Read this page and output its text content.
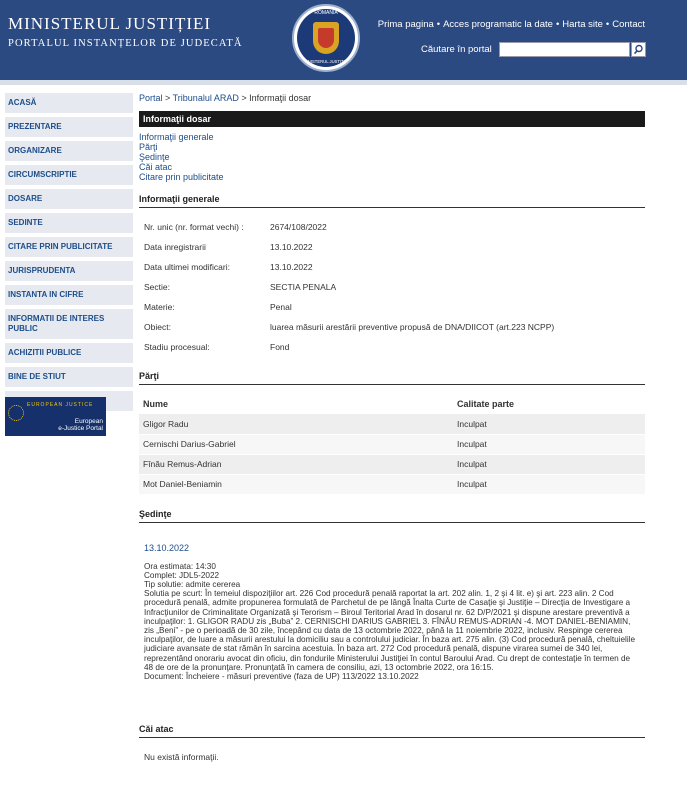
MINISTERUL JUSTIȚIEI
PORTALUL INSTANȚELOR DE JUDECATĂ
ROMANIA
MINISTERUL JUSTIȚIEI
Prima pagina • Acces programatic la date • Harta site • Contact
Căutare în portal
ACASĂ
PREZENTARE
ORGANIZARE
CIRCUMSCRIPTIE
DOSARE
SEDINTE
CITARE PRIN PUBLICITATE
JURISPRUDENTA
INSTANTA IN CIFRE
INFORMATII DE INTERES PUBLIC
ACHIZITII PUBLICE
BINE DE STIUT
EUROPEAN JUSTICE
European
e-Justice Portal
Portal > Tribunalul ARAD > Informaţii dosar
Informaţii dosar
Informaţii generale
Părţi
Şedinţe
Căi atac
Citare prin publicitate
Informaţii generale
Nr. unic (nr. format vechi) :	2674/108/2022
Data inregistrarii	13.10.2022
Data ultimei modificari:	13.10.2022
Sectie:	SECTIA PENALA
Materie:	Penal
Obiect:	luarea măsurii arestării preventive propusă de DNA/DIICOT (art.223 NCPP)
Stadiu procesual:	Fond
Părţi
Nume	Calitate parte
Gligor Radu	Inculpat
Cernischi Darius-Gabriel	Inculpat
Fînău Remus-Adrian	Inculpat
Mot Daniel-Beniamin	Inculpat
Şedinţe
13.10.2022
Ora estimata: 14:30
Complet: JDL5-2022
Tip solutie: admite cererea
Solutia pe scurt: În temeiul dispoziţiilor art. 226 Cod procedură penală raportat la art. 202 alin. 1, 2 şi 4 lit. e) şi art. 223 alin. 2 Cod procedură penală, admite propunerea formulată de Parchetul de pe lângă Înalta Curte de Casaţie şi Justiţie – Direcţia de Investigare a Infracţiunilor de Criminalitate Organizată şi Terorism – Biroul Teritorial Arad în dosarul nr. 62 D/P/2021 şi dispune arestare preventivă a inculpaţilor: 1. GLIGOR RADU zis „Buba” 2. CERNISCHI DARIUS GABRIEL 3. FÎNĂU REMUS-ADRIAN -4. MOT DANIEL-BENIAMIN, zis „Beni” - pe o perioadă de 30 zile, începând cu data de 13 octombrie 2022, până la 11 noiembrie 2022, inclusiv. Respinge cererea inculpaţilor, de luare a măsurii arestului la domiciliu sau a controlului judiciar. În baza art. 275 alin. (3) Cod procedură penală, cheltuielile judiciare avansate de stat rămân în sarcina acestuia. În baza art. 272 Cod procedură penală, dispune virarea sumei de 340 lei, reprezentând onorariu avocat din oficiu, din fondurile Ministerului Justiţiei în contul Baroului Arad. Cu drept de contestaţie în termen de 48 de ore de la pronunţare. Pronunţată în camera de consiliu, azi, 13 octombrie 2022, ora 16:15.
Document: Încheiere - măsuri preventive (faza de UP) 113/2022 13.10.2022
Căi atac
Nu există informaţii.
